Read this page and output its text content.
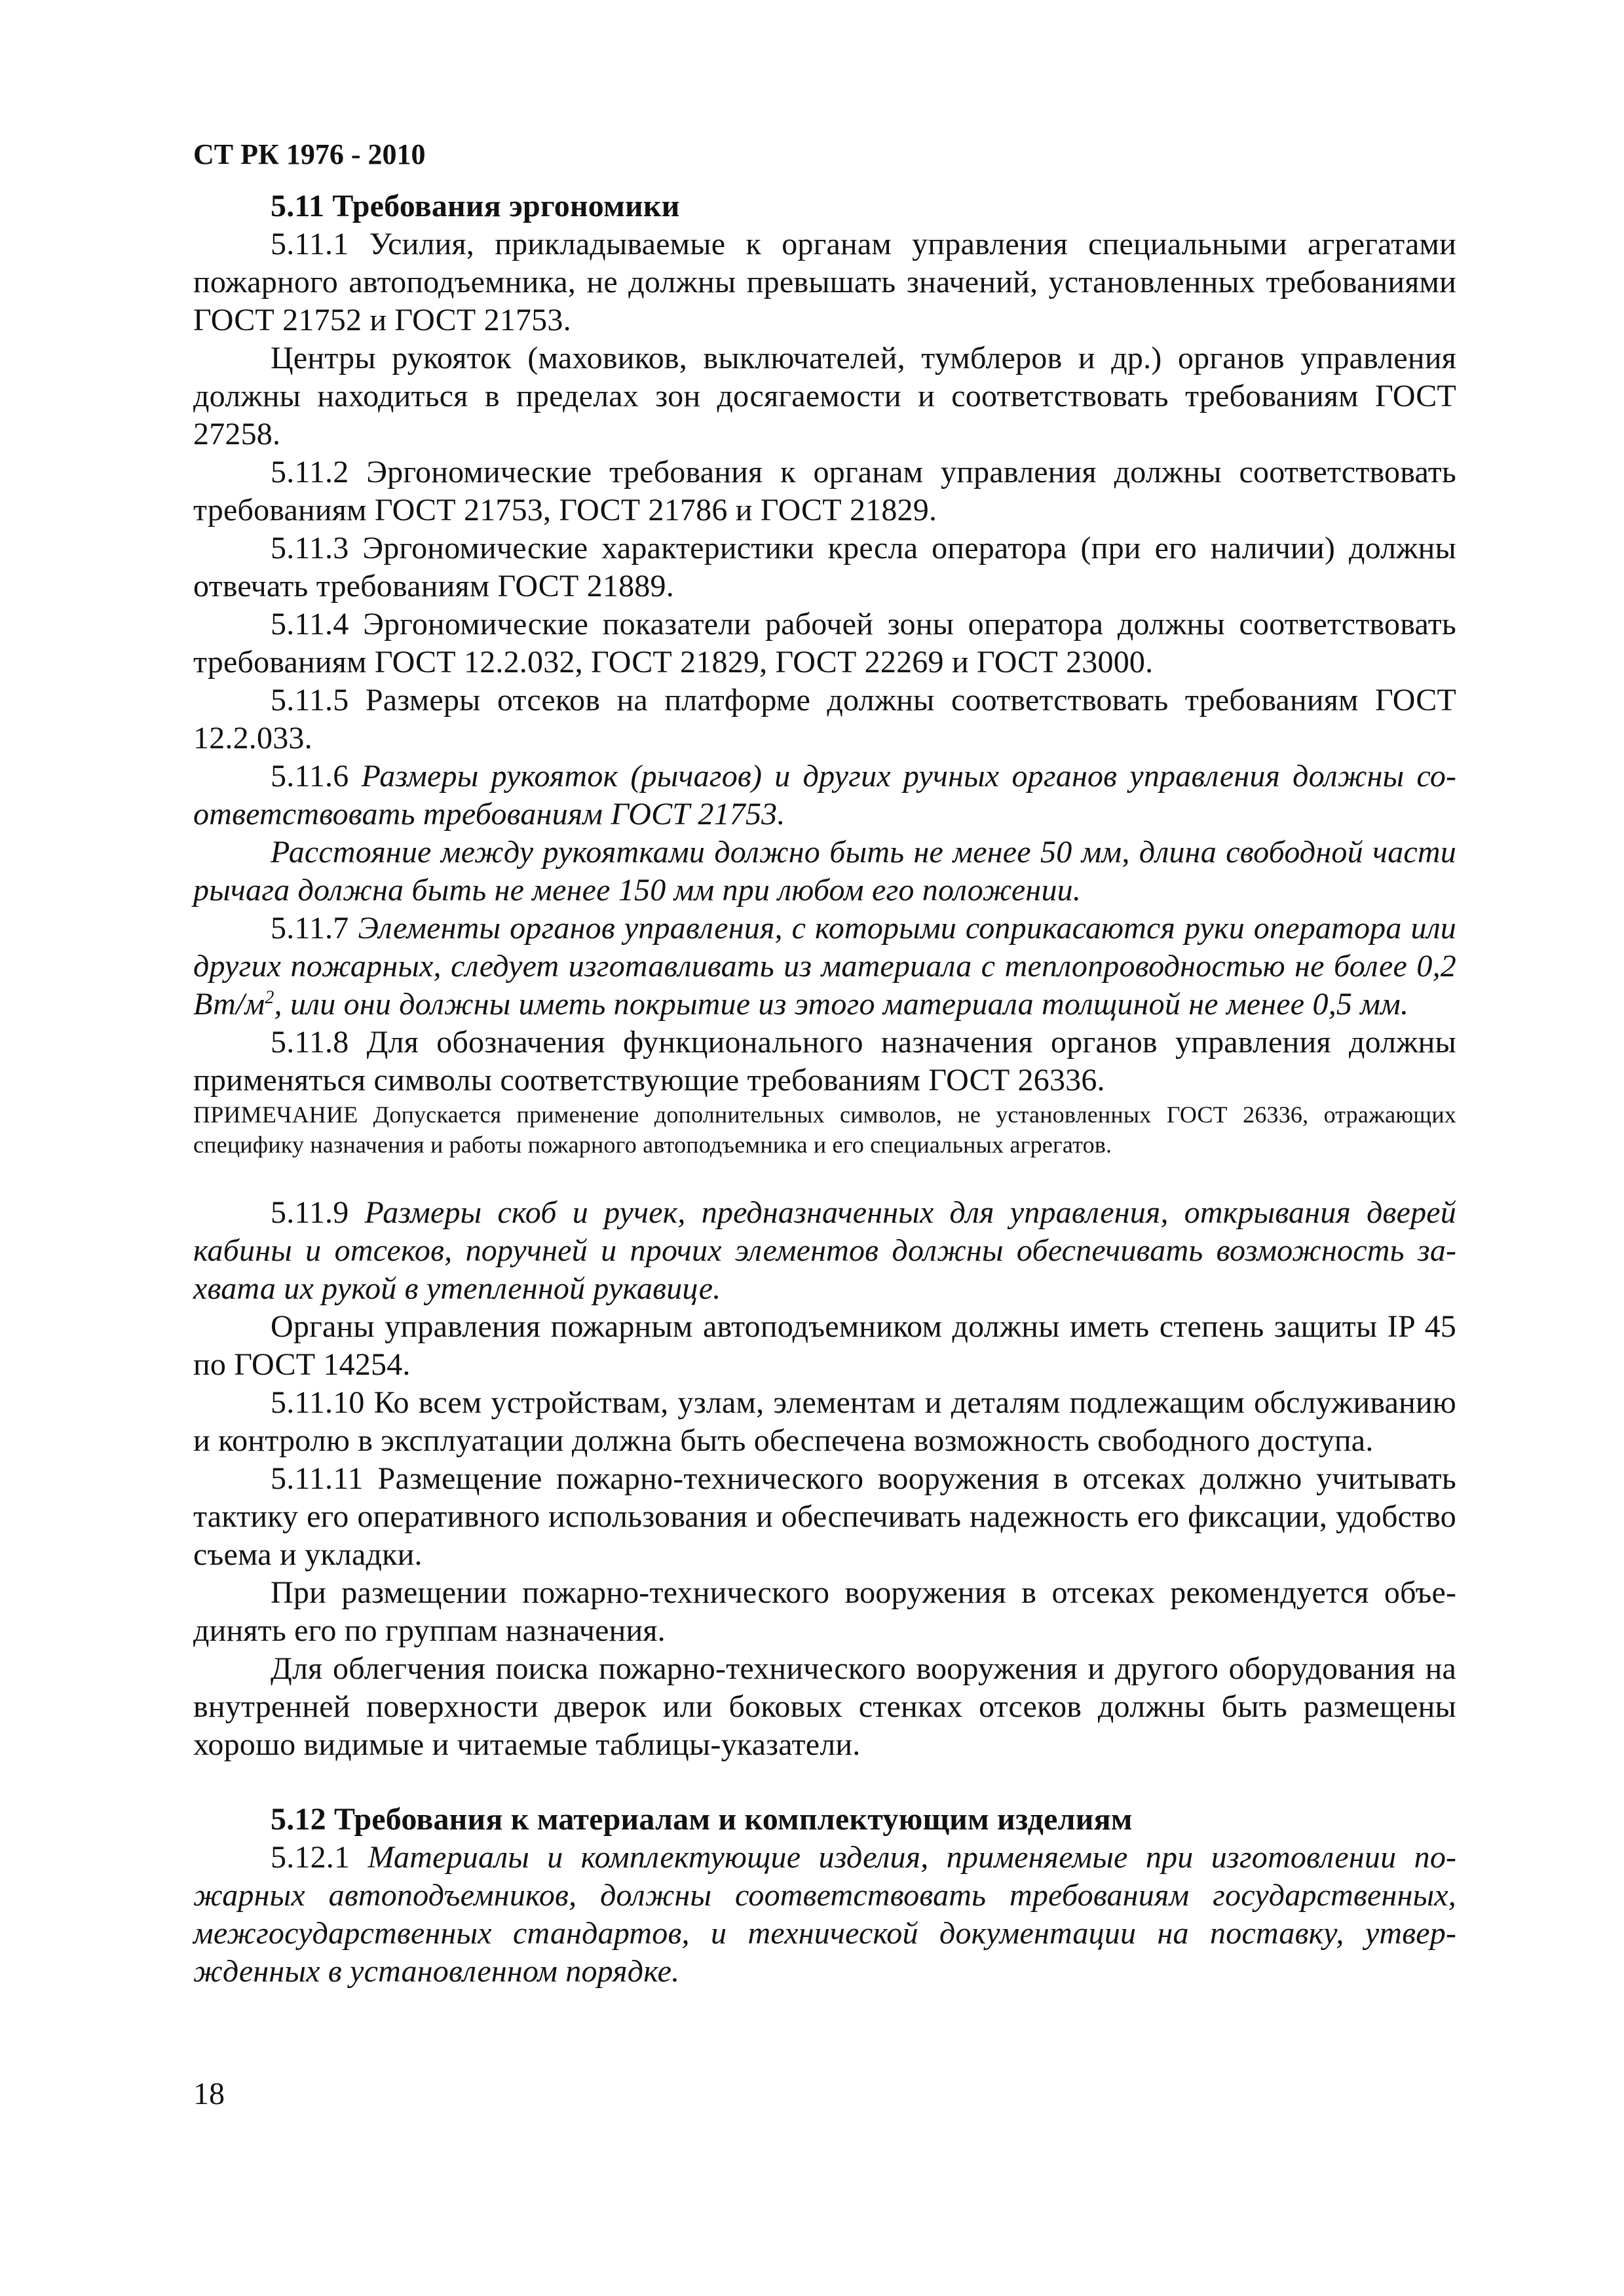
СТ РК 1976 - 2010

5.11 Требования эргономики

5.11.1 Усилия, прикладываемые к органам управления специальными агрегатами пожарного автоподъемника, не должны превышать значений, установленных требованиями ГОСТ 21752 и ГОСТ 21753.

Центры рукояток (маховиков, выключателей, тумблеров и др.) органов управления должны находиться в пределах зон досягаемости и соответствовать требованиям ГОСТ 27258.

5.11.2 Эргономические требования к органам управления должны соответствовать требованиям ГОСТ 21753, ГОСТ 21786 и ГОСТ 21829.

5.11.3 Эргономические характеристики кресла оператора (при его наличии) должны отвечать требованиям ГОСТ 21889.

5.11.4 Эргономические показатели рабочей зоны оператора должны соответствовать требованиям ГОСТ 12.2.032, ГОСТ 21829, ГОСТ 22269 и ГОСТ 23000.

5.11.5 Размеры отсеков на платформе должны соответствовать требованиям ГОСТ 12.2.033.

5.11.6 Размеры рукояток (рычагов) и других ручных органов управления должны соответствовать требованиям ГОСТ 21753.

Расстояние между рукоятками должно быть не менее 50 мм, длина свободной части рычага должна быть не менее 150 мм при любом его положении.

5.11.7 Элементы органов управления, с которыми соприкасаются руки оператора или других пожарных, следует изготавливать из материала с теплопроводностью не более 0,2 $Вт/м^2$, или они должны иметь покрытие из этого материала толщиной не менее 0,5 мм.

5.11.8 Для обозначения функционального назначения органов управления должны применяться символы соответствующие требованиям ГОСТ 26336.

ПРИМЕЧАНИЕ Допускается применение дополнительных символов, не установленных ГОСТ 26336, отражающих специфику назначения и работы пожарного автоподъемника и его специальных агрегатов.

5.11.9 Размеры скоб и ручек, предназначенных для управления, открывания дверей кабины и отсеков, поручней и прочих элементов должны обеспечивать возможность захвата их рукой в утепленной рукавице.

Органы управления пожарным автоподъемником должны иметь степень защиты IP 45 по ГОСТ 14254.

5.11.10 Ко всем устройствам, узлам, элементам и деталям подлежащим обслуживанию и контролю в эксплуатации должна быть обеспечена возможность свободного доступа.

5.11.11 Размещение пожарно-технического вооружения в отсеках должно учитывать тактику его оперативного использования и обеспечивать надежность его фиксации, удобство съема и укладки.

При размещении пожарно-технического вооружения в отсеках рекомендуется объединять его по группам назначения.

Для облегчения поиска пожарно-технического вооружения и другого оборудования на внутренней поверхности дверок или боковых стенках отсеков должны быть размещены хорошо видимые и читаемые таблицы-указатели.

5.12 Требования к материалам и комплектующим изделиям

5.12.1 Материалы и комплектующие изделия, применяемые при изготовлении пожарных автоподъемников, должны соответствовать требованиям государственных, межгосударственных стандартов, и технической документации на поставку, утвержденных в установленном порядке.

18
